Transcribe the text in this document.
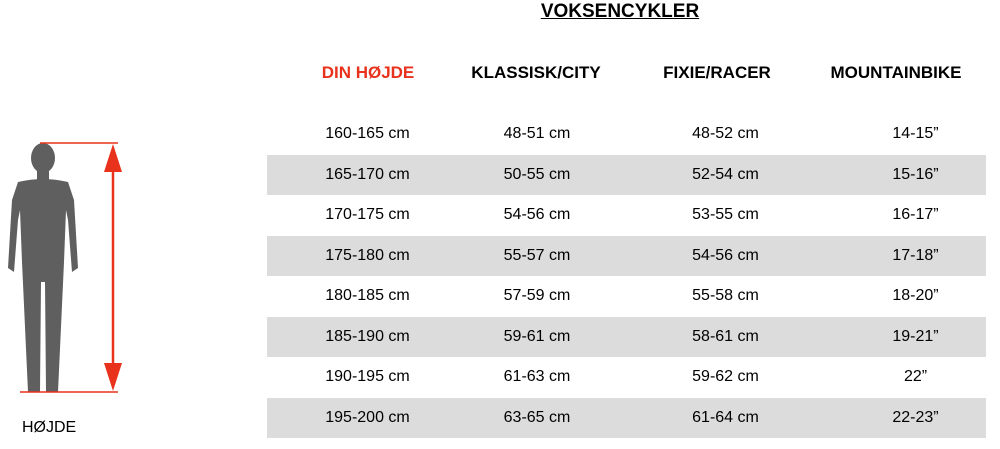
VOKSENCYKLER
DIN HØJDE	KLASSISK/CITY	FIXIE/RACER	MOUNTAINBIKE
160-165 cm	48-51 cm	48-52 cm	14-15”
165-170 cm	50-55 cm	52-54 cm	15-16”
170-175 cm	54-56 cm	53-55 cm	16-17”
175-180 cm	55-57 cm	54-56 cm	17-18”
180-185 cm	57-59 cm	55-58 cm	18-20”
185-190 cm	59-61 cm	58-61 cm	19-21”
190-195 cm	61-63 cm	59-62 cm	22”
195-200 cm	63-65 cm	61-64 cm	22-23”
HØJDE
